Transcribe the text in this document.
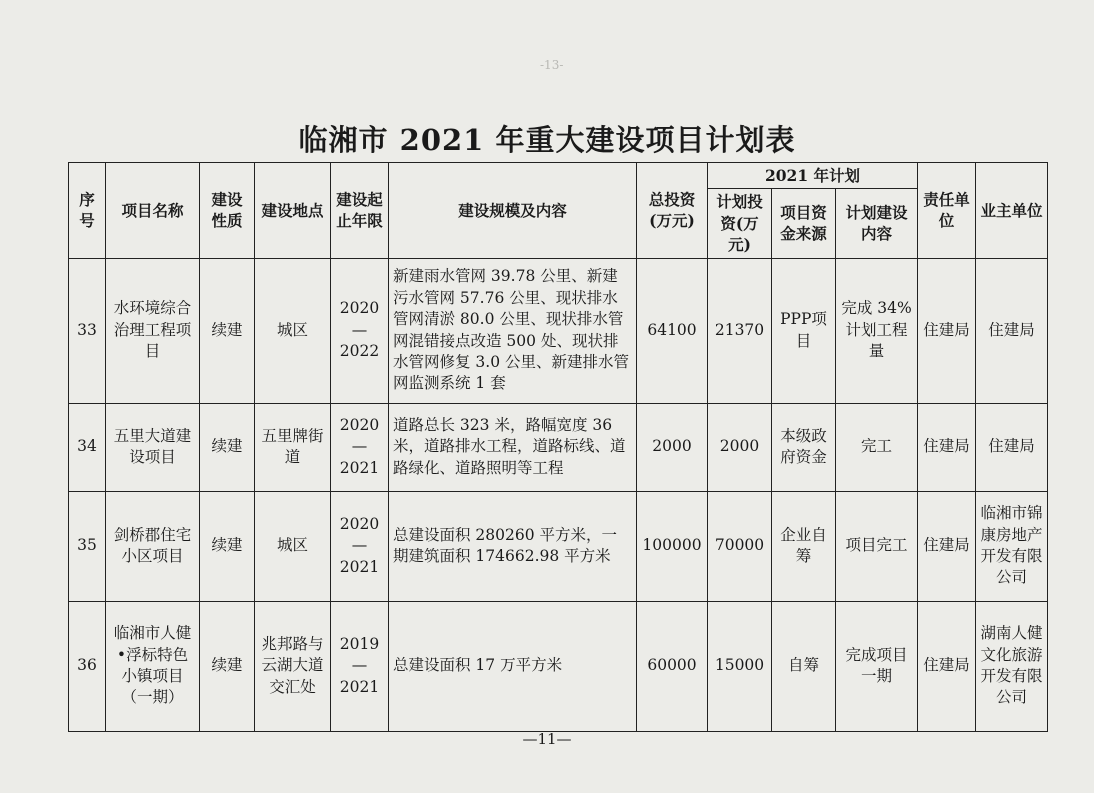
-13-
临湘市 2021 年重大建设项目计划表
序号	项目名称	建设性质	建设地点	建设起止年限	建设规模及内容	总投资(万元)	2021 年计划			责任单位	业主单位
							计划投资(万元)	项目资金来源	计划建设内容		
33	水环境综合治理工程项目	续建	城区	2020—2022	新建雨水管网 39.78 公里、新建污水管网 57.76 公里、现状排水管网清淤 80.0 公里、现状排水管网混错接点改造 500 处、现状排水管网修复 3.0 公里、新建排水管网监测系统 1 套	64100	21370	PPP项目	完成 34%计划工程量	住建局	住建局
34	五里大道建设项目	续建	五里牌街道	2020—2021	道路总长 323 米，路幅宽度 36 米，道路排水工程，道路标线、道路绿化、道路照明等工程	2000	2000	本级政府资金	完工	住建局	住建局
35	剑桥郡住宅小区项目	续建	城区	2020—2021	总建设面积 280260 平方米，一期建筑面积 174662.98 平方米	100000	70000	企业自筹	项目完工	住建局	临湘市锦康房地产开发有限公司
36	临湘市人健•浮标特色小镇项目（一期）	续建	兆邦路与云湖大道交汇处	2019—2021	总建设面积 17 万平方米	60000	15000	自筹	完成项目一期	住建局	湖南人健文化旅游开发有限公司
—11—
